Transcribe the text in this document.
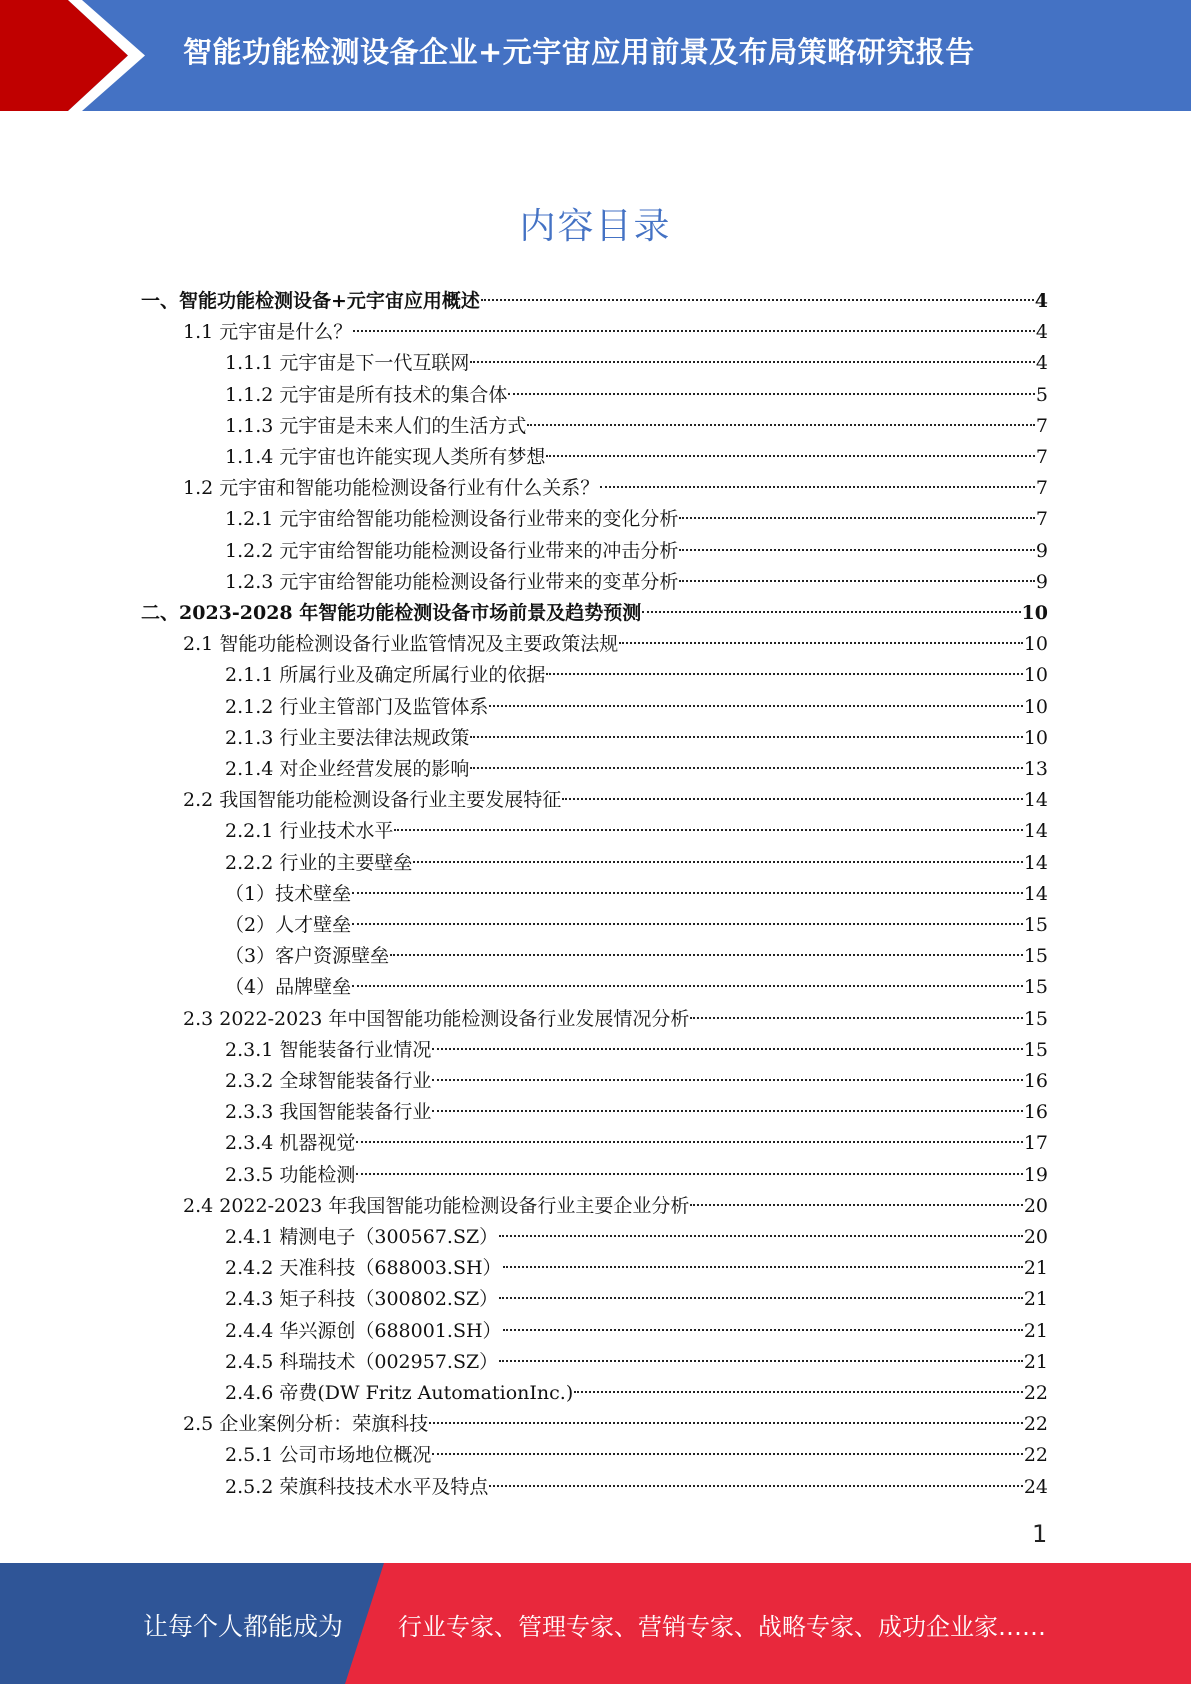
智能功能检测设备企业+元宇宙应用前景及布局策略研究报告
内容目录
一、智能功能检测设备+元宇宙应用概述	4
1.1 元宇宙是什么？	4
1.1.1 元宇宙是下一代互联网	4
1.1.2 元宇宙是所有技术的集合体	5
1.1.3 元宇宙是未来人们的生活方式	7
1.1.4 元宇宙也许能实现人类所有梦想	7
1.2 元宇宙和智能功能检测设备行业有什么关系？	7
1.2.1 元宇宙给智能功能检测设备行业带来的变化分析	7
1.2.2 元宇宙给智能功能检测设备行业带来的冲击分析	9
1.2.3 元宇宙给智能功能检测设备行业带来的变革分析	9
二、2023-2028 年智能功能检测设备市场前景及趋势预测	10
2.1 智能功能检测设备行业监管情况及主要政策法规	10
2.1.1 所属行业及确定所属行业的依据	10
2.1.2 行业主管部门及监管体系	10
2.1.3 行业主要法律法规政策	10
2.1.4 对企业经营发展的影响	13
2.2 我国智能功能检测设备行业主要发展特征	14
2.2.1 行业技术水平	14
2.2.2 行业的主要壁垒	14
（1）技术壁垒	14
（2）人才壁垒	15
（3）客户资源壁垒	15
（4）品牌壁垒	15
2.3 2022-2023 年中国智能功能检测设备行业发展情况分析	15
2.3.1 智能装备行业情况	15
2.3.2 全球智能装备行业	16
2.3.3 我国智能装备行业	16
2.3.4 机器视觉	17
2.3.5 功能检测	19
2.4 2022-2023 年我国智能功能检测设备行业主要企业分析	20
2.4.1 精测电子（300567.SZ）	20
2.4.2 天准科技（688003.SH）	21
2.4.3 矩子科技（300802.SZ）	21
2.4.4 华兴源创（688001.SH）	21
2.4.5 科瑞技术（002957.SZ）	21
2.4.6 帝费(DW Fritz AutomationInc.)	22
2.5 企业案例分析：荣旗科技	22
2.5.1 公司市场地位概况	22
2.5.2 荣旗科技技术水平及特点	24
1
让每个人都能成为 行业专家、管理专家、营销专家、战略专家、成功企业家……
